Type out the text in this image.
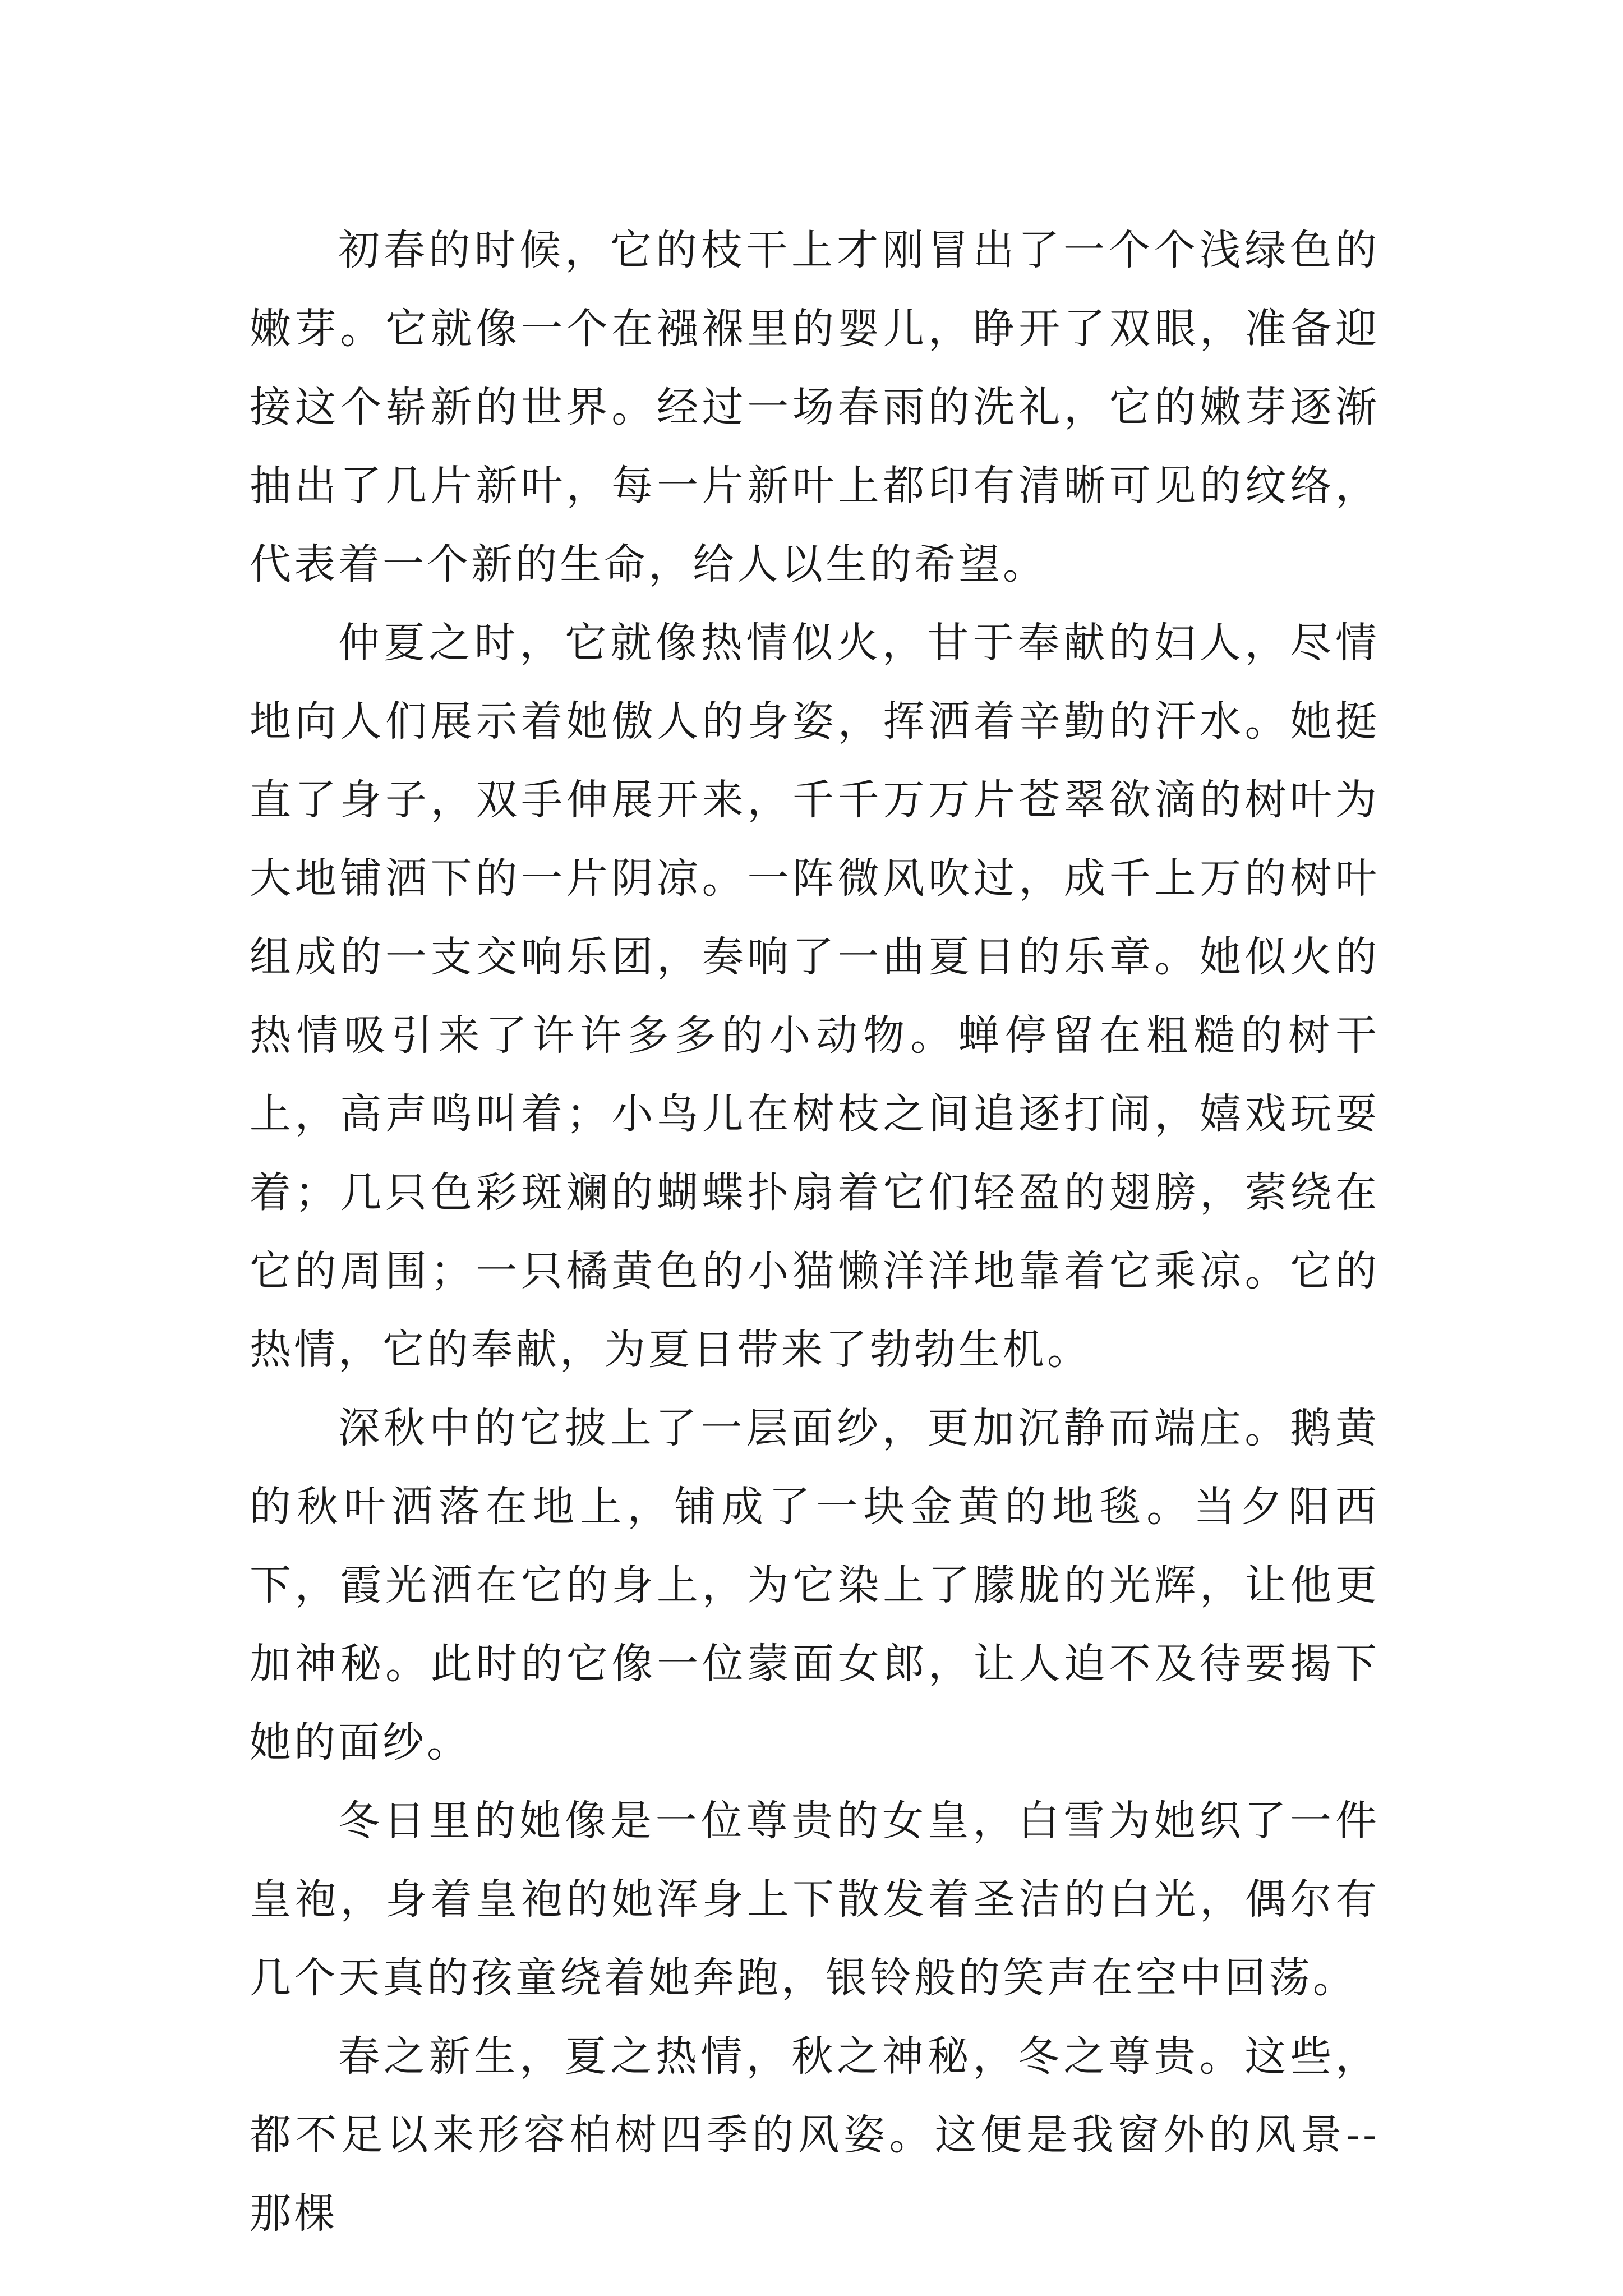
初春的时候，它的枝干上才刚冒出了一个个浅绿色的嫩芽。它就像一个在襁褓里的婴儿，睁开了双眼，准备迎接这个崭新的世界。经过一场春雨的洗礼，它的嫩芽逐渐抽出了几片新叶，每一片新叶上都印有清晰可见的纹络，代表着一个新的生命，给人以生的希望。

仲夏之时，它就像热情似火，甘于奉献的妇人，尽情地向人们展示着她傲人的身姿，挥洒着辛勤的汗水。她挺直了身子，双手伸展开来，千千万万片苍翠欲滴的树叶为大地铺洒下的一片阴凉。一阵微风吹过，成千上万的树叶组成的一支交响乐团，奏响了一曲夏日的乐章。她似火的热情吸引来了许许多多的小动物。蝉停留在粗糙的树干上，高声鸣叫着；小鸟儿在树枝之间追逐打闹，嬉戏玩耍着；几只色彩斑斓的蝴蝶扑扇着它们轻盈的翅膀，萦绕在它的周围；一只橘黄色的小猫懒洋洋地靠着它乘凉。它的热情，它的奉献，为夏日带来了勃勃生机。

深秋中的它披上了一层面纱，更加沉静而端庄。鹅黄的秋叶洒落在地上，铺成了一块金黄的地毯。当夕阳西下，霞光洒在它的身上，为它染上了朦胧的光辉，让他更加神秘。此时的它像一位蒙面女郎，让人迫不及待要揭下她的面纱。

冬日里的她像是一位尊贵的女皇，白雪为她织了一件皇袍，身着皇袍的她浑身上下散发着圣洁的白光，偶尔有几个天真的孩童绕着她奔跑，银铃般的笑声在空中回荡。

春之新生，夏之热情，秋之神秘，冬之尊贵。这些，都不足以来形容柏树四季的风姿。这便是我窗外的风景--那棵
